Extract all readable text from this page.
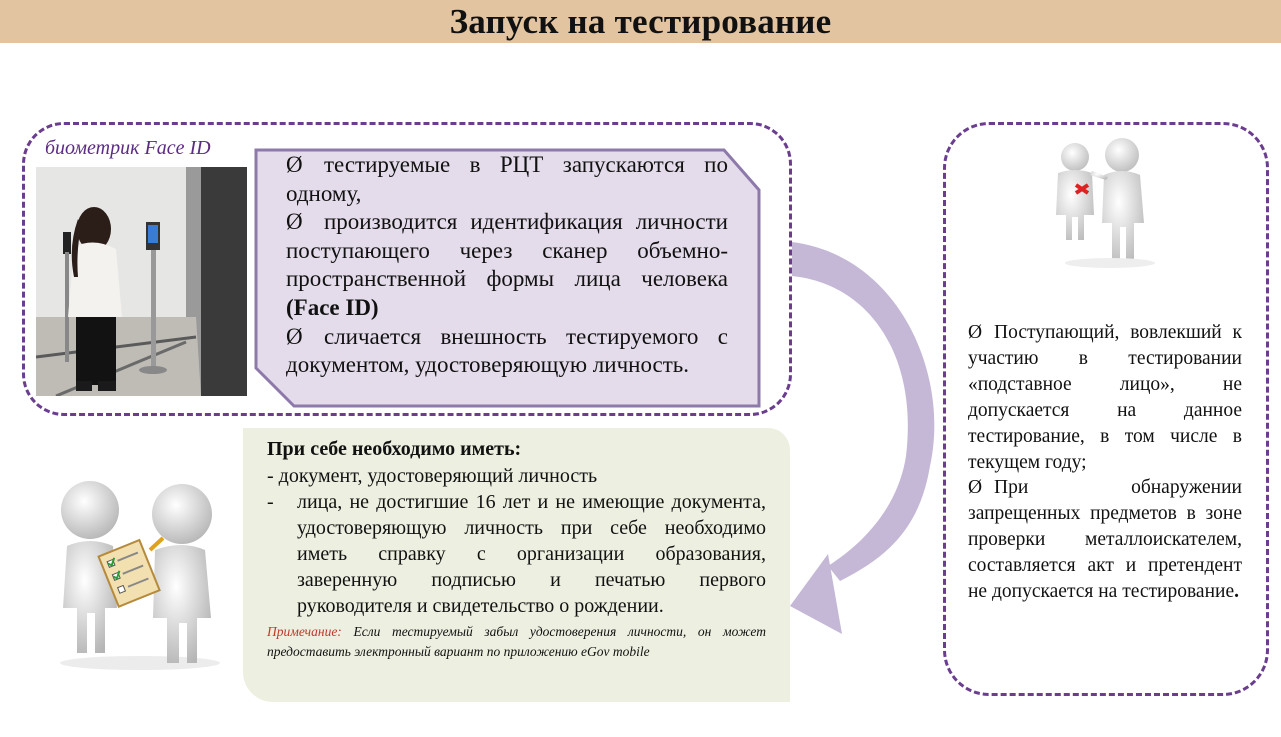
Запуск на тестирование
биометрик Face ID

Ø тестируемые в РЦТ запускаются по одному,

Ø производится идентификация личности поступающего через сканер объемно-пространственной формы лица человека (Face ID)

Ø сличается внешность тестируемого с документом, удостоверяющую личность.

При себе необходимо иметь:
- документ, удостоверяющий личность
-	лица, не достигшие 16 лет и не имеющие документа, удостоверяющую личность при себе необходимо иметь справку с организации образования, заверенную подписью и печатью первого руководителя и свидетельство о рождении.
Примечание: Если тестируемый забыл удостоверения личности, он может предоставить электронный вариант по приложению eGov mobile

Ø Поступающий, вовлекший к участию в тестировании «подставное лицо», не допускается на данное тестирование, в том числе в текущем году;

Ø При обнаружении запрещенных предметов в зоне проверки металлоискателем, составляется акт и претендент не допускается на тестирование.
